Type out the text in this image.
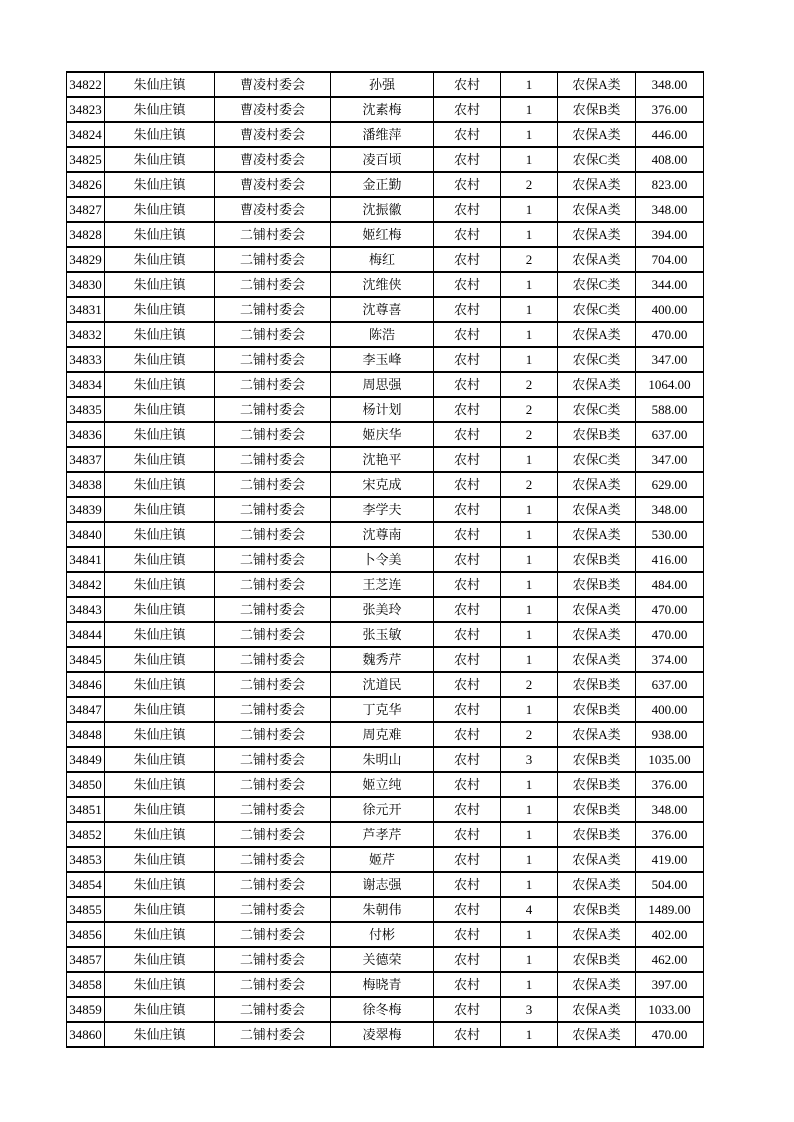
34822	朱仙庄镇	曹凌村委会	孙强	农村	1	农保A类	348.00
34823	朱仙庄镇	曹凌村委会	沈素梅	农村	1	农保B类	376.00
34824	朱仙庄镇	曹凌村委会	潘维萍	农村	1	农保A类	446.00
34825	朱仙庄镇	曹凌村委会	凌百顷	农村	1	农保C类	408.00
34826	朱仙庄镇	曹凌村委会	金正勤	农村	2	农保A类	823.00
34827	朱仙庄镇	曹凌村委会	沈振徽	农村	1	农保A类	348.00
34828	朱仙庄镇	二铺村委会	姬红梅	农村	1	农保A类	394.00
34829	朱仙庄镇	二铺村委会	梅红	农村	2	农保A类	704.00
34830	朱仙庄镇	二铺村委会	沈维侠	农村	1	农保C类	344.00
34831	朱仙庄镇	二铺村委会	沈尊喜	农村	1	农保C类	400.00
34832	朱仙庄镇	二铺村委会	陈浩	农村	1	农保A类	470.00
34833	朱仙庄镇	二铺村委会	李玉峰	农村	1	农保C类	347.00
34834	朱仙庄镇	二铺村委会	周思强	农村	2	农保A类	1064.00
34835	朱仙庄镇	二铺村委会	杨计划	农村	2	农保C类	588.00
34836	朱仙庄镇	二铺村委会	姬庆华	农村	2	农保B类	637.00
34837	朱仙庄镇	二铺村委会	沈艳平	农村	1	农保C类	347.00
34838	朱仙庄镇	二铺村委会	宋克成	农村	2	农保A类	629.00
34839	朱仙庄镇	二铺村委会	李学夫	农村	1	农保A类	348.00
34840	朱仙庄镇	二铺村委会	沈尊南	农村	1	农保A类	530.00
34841	朱仙庄镇	二铺村委会	卜令美	农村	1	农保B类	416.00
34842	朱仙庄镇	二铺村委会	王芝连	农村	1	农保B类	484.00
34843	朱仙庄镇	二铺村委会	张美玲	农村	1	农保A类	470.00
34844	朱仙庄镇	二铺村委会	张玉敏	农村	1	农保A类	470.00
34845	朱仙庄镇	二铺村委会	魏秀芹	农村	1	农保A类	374.00
34846	朱仙庄镇	二铺村委会	沈道民	农村	2	农保B类	637.00
34847	朱仙庄镇	二铺村委会	丁克华	农村	1	农保B类	400.00
34848	朱仙庄镇	二铺村委会	周克难	农村	2	农保A类	938.00
34849	朱仙庄镇	二铺村委会	朱明山	农村	3	农保B类	1035.00
34850	朱仙庄镇	二铺村委会	姬立纯	农村	1	农保B类	376.00
34851	朱仙庄镇	二铺村委会	徐元开	农村	1	农保B类	348.00
34852	朱仙庄镇	二铺村委会	芦孝芹	农村	1	农保B类	376.00
34853	朱仙庄镇	二铺村委会	姬芹	农村	1	农保A类	419.00
34854	朱仙庄镇	二铺村委会	谢志强	农村	1	农保A类	504.00
34855	朱仙庄镇	二铺村委会	朱朝伟	农村	4	农保B类	1489.00
34856	朱仙庄镇	二铺村委会	付彬	农村	1	农保A类	402.00
34857	朱仙庄镇	二铺村委会	关德荣	农村	1	农保B类	462.00
34858	朱仙庄镇	二铺村委会	梅晓青	农村	1	农保A类	397.00
34859	朱仙庄镇	二铺村委会	徐冬梅	农村	3	农保A类	1033.00
34860	朱仙庄镇	二铺村委会	凌翠梅	农村	1	农保A类	470.00
